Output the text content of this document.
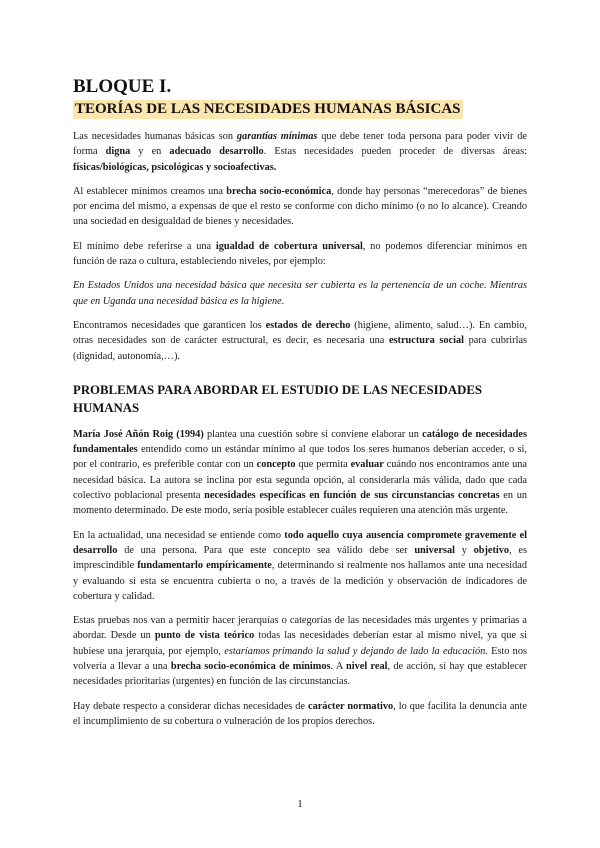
BLOQUE I.
TEORÍAS DE LAS NECESIDADES HUMANAS BÁSICAS

Las necesidades humanas básicas son garantías mínimas que debe tener toda persona para poder vivir de forma digna y en adecuado desarrollo. Estas necesidades pueden proceder de diversas áreas: físicas/biológicas, psicológicas y socioafectivas.

Al establecer mínimos creamos una brecha socio-económica, donde hay personas “merecedoras” de bienes por encima del mismo, a expensas de que el resto se conforme con dicho mínimo (o no lo alcance). Creando una sociedad en desigualdad de bienes y necesidades.

El mínimo debe referirse a una igualdad de cobertura universal, no podemos diferenciar mínimos en función de raza o cultura, estableciendo niveles, por ejemplo:

En Estados Unidos una necesidad básica que necesita ser cubierta es la pertenencia de un coche. Mientras que en Uganda una necesidad básica es la higiene.

Encontramos necesidades que garanticen los estados de derecho (higiene, alimento, salud…). En cambio, otras necesidades son de carácter estructural, es decir, es necesaria una estructura social para cubrirlas (dignidad, autonomía,…).

PROBLEMAS PARA ABORDAR EL ESTUDIO DE LAS NECESIDADES HUMANAS

María José Añón Roig (1994) plantea una cuestión sobre si conviene elaborar un catálogo de necesidades fundamentales entendido como un estándar mínimo al que todos los seres humanos deberían acceder, o si, por el contrario, es preferible contar con un concepto que permita evaluar cuándo nos encontramos ante una necesidad básica. La autora se inclina por esta segunda opción, al considerarla más válida, dado que cada colectivo poblacional presenta necesidades específicas en función de sus circunstancias concretas en un momento determinado. De este modo, sería posible establecer cuáles requieren una atención más urgente.

En la actualidad, una necesidad se entiende como todo aquello cuya ausencia compromete gravemente el desarrollo de una persona. Para que este concepto sea válido debe ser universal y objetivo, es imprescindible fundamentarlo empíricamente, determinando si realmente nos hallamos ante una necesidad y evaluando si esta se encuentra cubierta o no, a través de la medición y observación de indicadores de cobertura y calidad.

Estas pruebas nos van a permitir hacer jerarquías o categorías de las necesidades más urgentes y primarias a abordar. Desde un punto de vista teórico todas las necesidades deberían estar al mismo nivel, ya que si hubiese una jerarquía, por ejemplo, estaríamos primando la salud y dejando de lado la educación. Esto nos volvería a llevar a una brecha socio-económica de mínimos. A nivel real, de acción, sí hay que establecer necesidades prioritarias (urgentes) en función de las circunstancias.

Hay debate respecto a considerar dichas necesidades de carácter normativo, lo que facilita la denuncia ante el incumplimiento de su cobertura o vulneración de los propios derechos.

1
